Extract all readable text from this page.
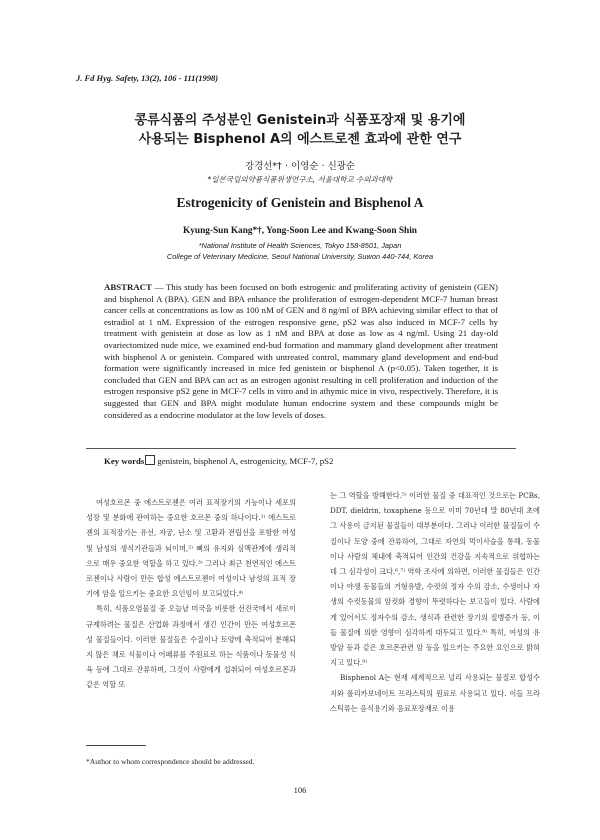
J. Fd Hyg. Safety, 13(2), 106 - 111(1998)
콩류식품의 주성분인 Genistein과 식품포장재 및 용기에
사용되는 Bisphenol A의 에스트로젠 효과에 관한 연구
강경선*† · 이영순 · 신광순
*일본국립의약품식품위생연구소, 서울대학교 수의과대학
Estrogenicity of Genistein and Bisphenol A
Kyung-Sun Kang*†, Yong-Soon Lee and Kwang-Soon Shin
*National Institute of Health Sciences, Tokyo 158-8501, Japan
College of Veterinary Medicine, Seoul National University, Suwon 440-744, Korea
ABSTRACT — This study has been focused on both estrogenic and proliferating activity of genistein (GEN) and bisphenol A (BPA). GEN and BPA enhance the proliferation of estrogen-dependent MCF-7 human breast cancer cells at concentrations as low as 100 nM of GEN and 8 ng/ml of BPA achieving similar effect to that of estradiol at 1 nM. Expression of the estrogen responsive gene, pS2 was also induced in MCF-7 cells by treatment with genistein at dose as low as 1 nM and BPA at dose as low as 4 ng/ml. Using 21 day-old ovariectomized nude mice, we examined end-bud formation and mammary gland development after treatment with bisphenol A or genistein. Compared with untreated control, mammary gland development and end-bud formation were significantly increased in mice fed genistein or bisphenol A (p<0.05). Taken together, it is concluded that GEN and BPA can act as an estrogen agonist resulting in cell proliferation and induction of the estrogen responsive pS2 gene in MCF-7 cells in vitro and in athymic mice in vivo, respectively. Therefore, it is suggested that GEN and BPA might modulate human endocrine system and these compounds might be considered as a endocrine modulator at the low levels of doses.
Key words genistein, bisphenol A, estrogenicity, MCF-7, pS2

여성호르몬 중 에스트로젠은 여러 표적장기의 기능이나 세포의 성장 및 분화에 관여하는 중요한 호르몬 중의 하나이다.¹⁾ 에스트로젠의 표적장기는 유선, 자궁, 난소 및 고환과 전립선을 포함한 여성 및 남성의 생식기관들과 뇌이며,²⁾ 뼈의 유지와 심맥관계에 생리적으로 매우 중요한 역할을 하고 있다.³⁾ 그러나 최근 천연적인 에스트로젠이나 사람이 만든 합성 에스트로젠이 여성이나 남성의 표적 장기에 암을 일으키는 중요한 요인임이 보고되었다.⁴⁾

특히, 식품오염물질 중 오늘날 미국을 비롯한 선진국에서 새로이 규제하려는 물질은 산업화 과정에서 생긴 인간이 만든 여성호르몬성 물질들이다. 이러한 물질들은 수질이나 토양에 축적되어 분해되지 않은 채로 식물이나 어패류를 주원료로 하는 식품이나 동물성 식육 등에 그대로 잔류하며, 그것이 사람에게 섭취되어 여성호르몬과 같은 역할 또

는 그 역할을 방해한다.⁵⁾ 이러한 물질 중 대표적인 것으로는 PCBs, DDT, dieldrin, toxaphene 등으로 이미 70년대 말 80년대 초에 그 사용이 금지된 물질들이 대부분이다. 그러나 이러한 물질들이 수질이나 토양 중에 잔류하여, 그대로 자연의 먹이사슬을 통해, 동물이나 사람의 체내에 축적되어 인간의 건강을 지속적으로 위협하는데 그 심각성이 크다.⁶,⁷⁾ 역학 조사에 의하면, 이러한 물질들은 인간이나 야생 동물들의 거형유발, 수컷의 정자 수의 감소, 수생이나 자생의 수컷동물의 암컷화 경향이 뚜렷하다는 보고들이 있다. 사람에게 있어서도 정자수의 감소, 생식과 관련한 장기의 질병증가 등, 이들 물질에 의한 영향이 심각하게 대두되고 있다.⁸⁾ 특히, 여성의 유방암 등과 같은 호르몬관련 암 등을 일으키는 주요한 요인으로 밝혀지고 있다.⁹⁾

Bisphenol A는 현재 세계적으로 널리 사용되는 물질로 합성수지와 폴리카보네이트 프라스틱의 원료로 사용되고 있다. 이들 프라스틱류는 음식용기와 음료포장재로 이용

*Author to whom correspondence should be addressed.
106
